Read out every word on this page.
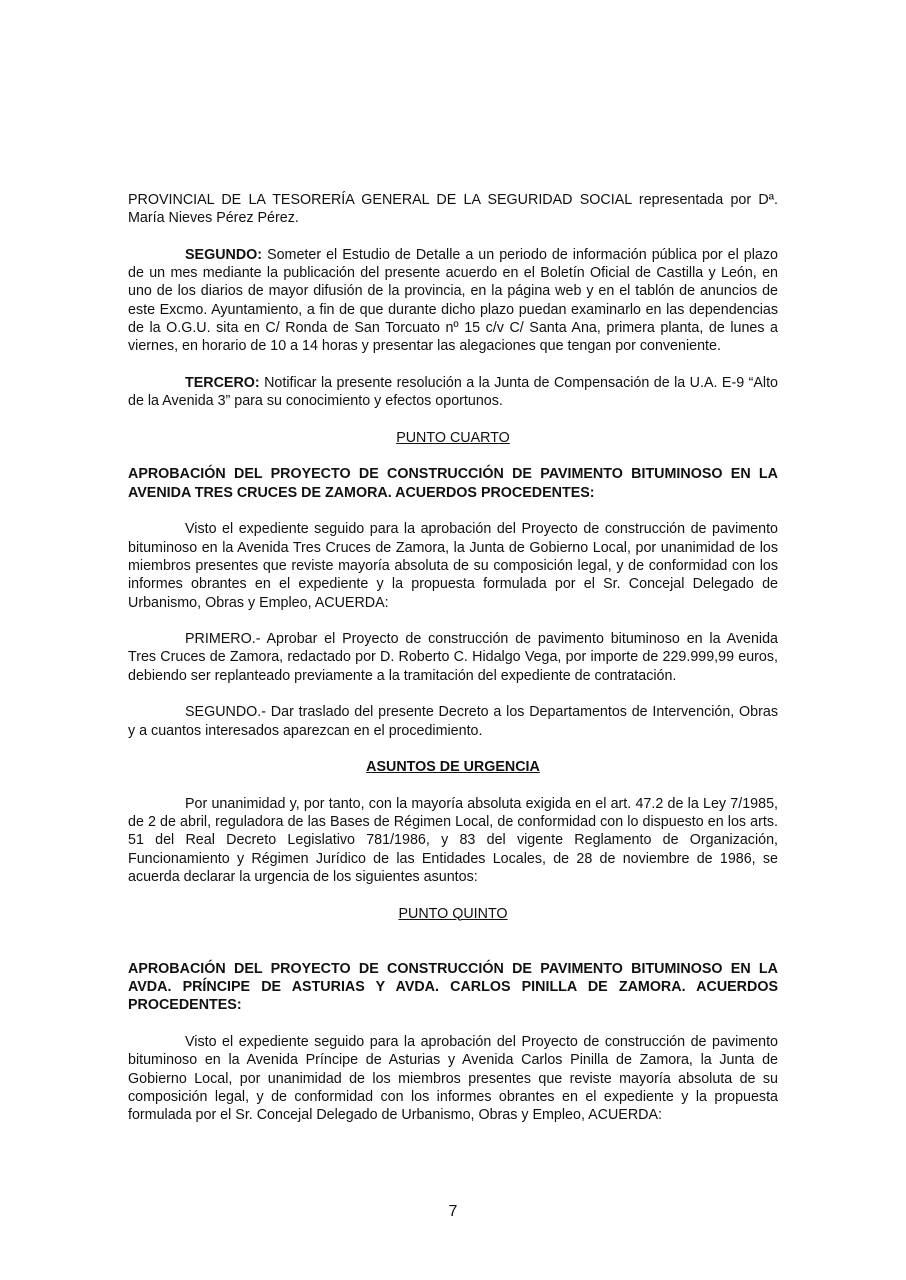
PROVINCIAL DE LA TESORERÍA GENERAL DE LA SEGURIDAD SOCIAL representada por Dª. María Nieves Pérez Pérez.

SEGUNDO: Someter el Estudio de Detalle a un periodo de información pública por el plazo de un mes mediante la publicación del presente acuerdo en el Boletín Oficial de Castilla y León, en uno de los diarios de mayor difusión de la provincia, en la página web y en el tablón de anuncios de este Excmo. Ayuntamiento, a fin de que durante dicho plazo puedan examinarlo en las dependencias de la O.G.U. sita en C/ Ronda de San Torcuato nº 15 c/v C/ Santa Ana, primera planta, de lunes a viernes, en horario de 10 a 14 horas y presentar las alegaciones que tengan por conveniente.

TERCERO: Notificar la presente resolución a la Junta de Compensación de la U.A. E-9 “Alto de la Avenida 3” para su conocimiento y efectos oportunos.

PUNTO CUARTO

APROBACIÓN DEL PROYECTO DE CONSTRUCCIÓN DE PAVIMENTO BITUMINOSO EN LA AVENIDA TRES CRUCES DE ZAMORA. ACUERDOS PROCEDENTES:

Visto el expediente seguido para la aprobación del Proyecto de construcción de pavimento bituminoso en la Avenida Tres Cruces de Zamora, la Junta de Gobierno Local, por unanimidad de los miembros presentes que reviste mayoría absoluta de su composición legal, y de conformidad con los informes obrantes en el expediente y la propuesta formulada por el Sr. Concejal Delegado de Urbanismo, Obras y Empleo, ACUERDA:

PRIMERO.- Aprobar el Proyecto de construcción de pavimento bituminoso en la Avenida Tres Cruces de Zamora, redactado por D. Roberto C. Hidalgo Vega, por importe de 229.999,99 euros, debiendo ser replanteado previamente a la tramitación del expediente de contratación.

SEGUNDO.- Dar traslado del presente Decreto a los Departamentos de Intervención, Obras y a cuantos interesados aparezcan en el procedimiento.

ASUNTOS DE URGENCIA

Por unanimidad y, por tanto, con la mayoría absoluta exigida en el art. 47.2 de la Ley 7/1985, de 2 de abril, reguladora de las Bases de Régimen Local, de conformidad con lo dispuesto en los arts. 51 del Real Decreto Legislativo 781/1986, y 83 del vigente Reglamento de Organización, Funcionamiento y Régimen Jurídico de las Entidades Locales, de 28 de noviembre de 1986, se acuerda declarar la urgencia de los siguientes asuntos:

PUNTO QUINTO

APROBACIÓN DEL PROYECTO DE CONSTRUCCIÓN DE PAVIMENTO BITUMINOSO EN LA AVDA. PRÍNCIPE DE ASTURIAS Y AVDA. CARLOS PINILLA DE ZAMORA. ACUERDOS PROCEDENTES:

Visto el expediente seguido para la aprobación del Proyecto de construcción de pavimento bituminoso en la Avenida Príncipe de Asturias y Avenida Carlos Pinilla de Zamora, la Junta de Gobierno Local, por unanimidad de los miembros presentes que reviste mayoría absoluta de su composición legal, y de conformidad con los informes obrantes en el expediente y la propuesta formulada por el Sr. Concejal Delegado de Urbanismo, Obras y Empleo, ACUERDA:

7
